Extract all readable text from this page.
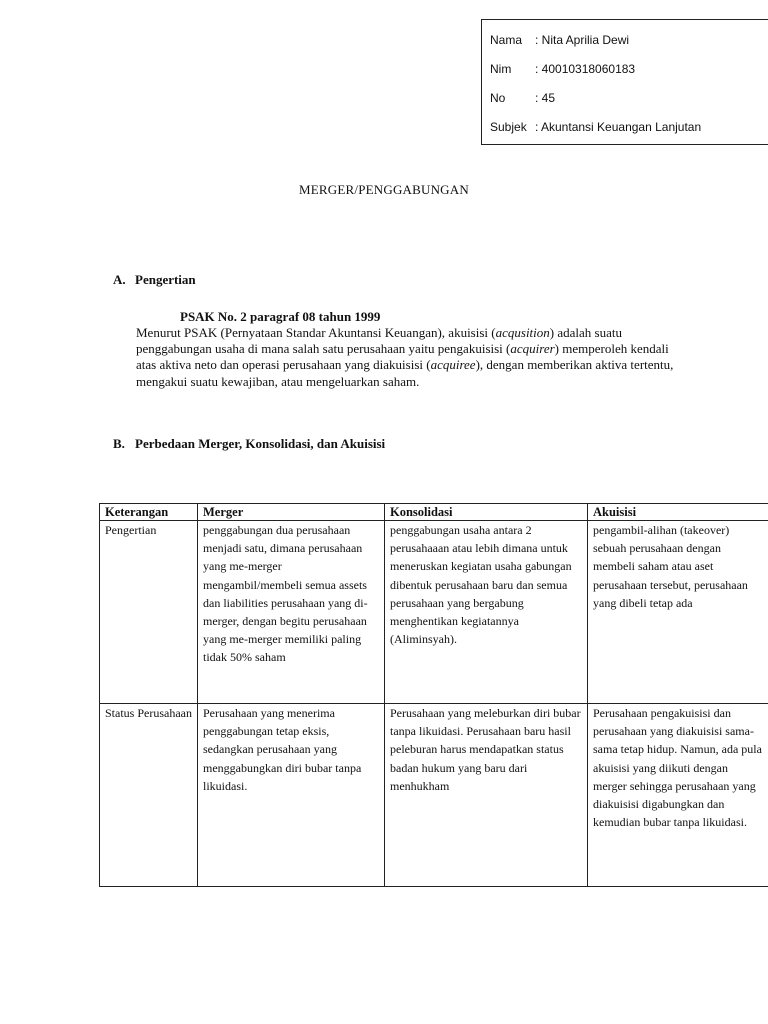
Nama	: Nita Aprilia Dewi
Nim	: 40010318060183
No	: 45
Subjek : Akuntansi Keuangan Lanjutan
MERGER/PENGGABUNGAN
A. Pengertian
PSAK No. 2 paragraf 08 tahun 1999
Menurut PSAK (Pernyataan Standar Akuntansi Keuangan), akuisisi (acqusition) adalah suatu penggabungan usaha di mana salah satu perusahaan yaitu pengakuisisi (acquirer) memperoleh kendali atas aktiva neto dan operasi perusahaan yang diakuisisi (acquiree), dengan memberikan aktiva tertentu, mengakui suatu kewajiban, atau mengeluarkan saham.
B. Perbedaan Merger, Konsolidasi, dan Akuisisi
Keterangan	Merger	Konsolidasi	Akuisisi
Pengertian	penggabungan dua perusahaan menjadi satu, dimana perusahaan yang me-merger mengambil/membeli semua assets dan liabilities perusahaan yang di-merger, dengan begitu perusahaan yang me-merger memiliki paling tidak 50% saham	penggabungan usaha antara 2 perusahaaan atau lebih dimana untuk meneruskan kegiatan usaha gabungan dibentuk perusahaan baru dan semua perusahaan yang bergabung menghentikan kegiatannya (Aliminsyah).	pengambil-alihan (takeover) sebuah perusahaan dengan membeli saham atau aset perusahaan tersebut, perusahaan yang dibeli tetap ada
Status Perusahaan	Perusahaan yang menerima penggabungan tetap eksis, sedangkan perusahaan yang menggabungkan diri bubar tanpa likuidasi.	Perusahaan yang meleburkan diri bubar tanpa likuidasi. Perusahaan baru hasil peleburan harus mendapatkan status badan hukum yang baru dari menhukham	Perusahaan pengakuisisi dan perusahaan yang diakuisisi sama-sama tetap hidup. Namun, ada pula akuisisi yang diikuti dengan merger sehingga perusahaan yang diakuisisi digabungkan dan kemudian bubar tanpa likuidasi.
